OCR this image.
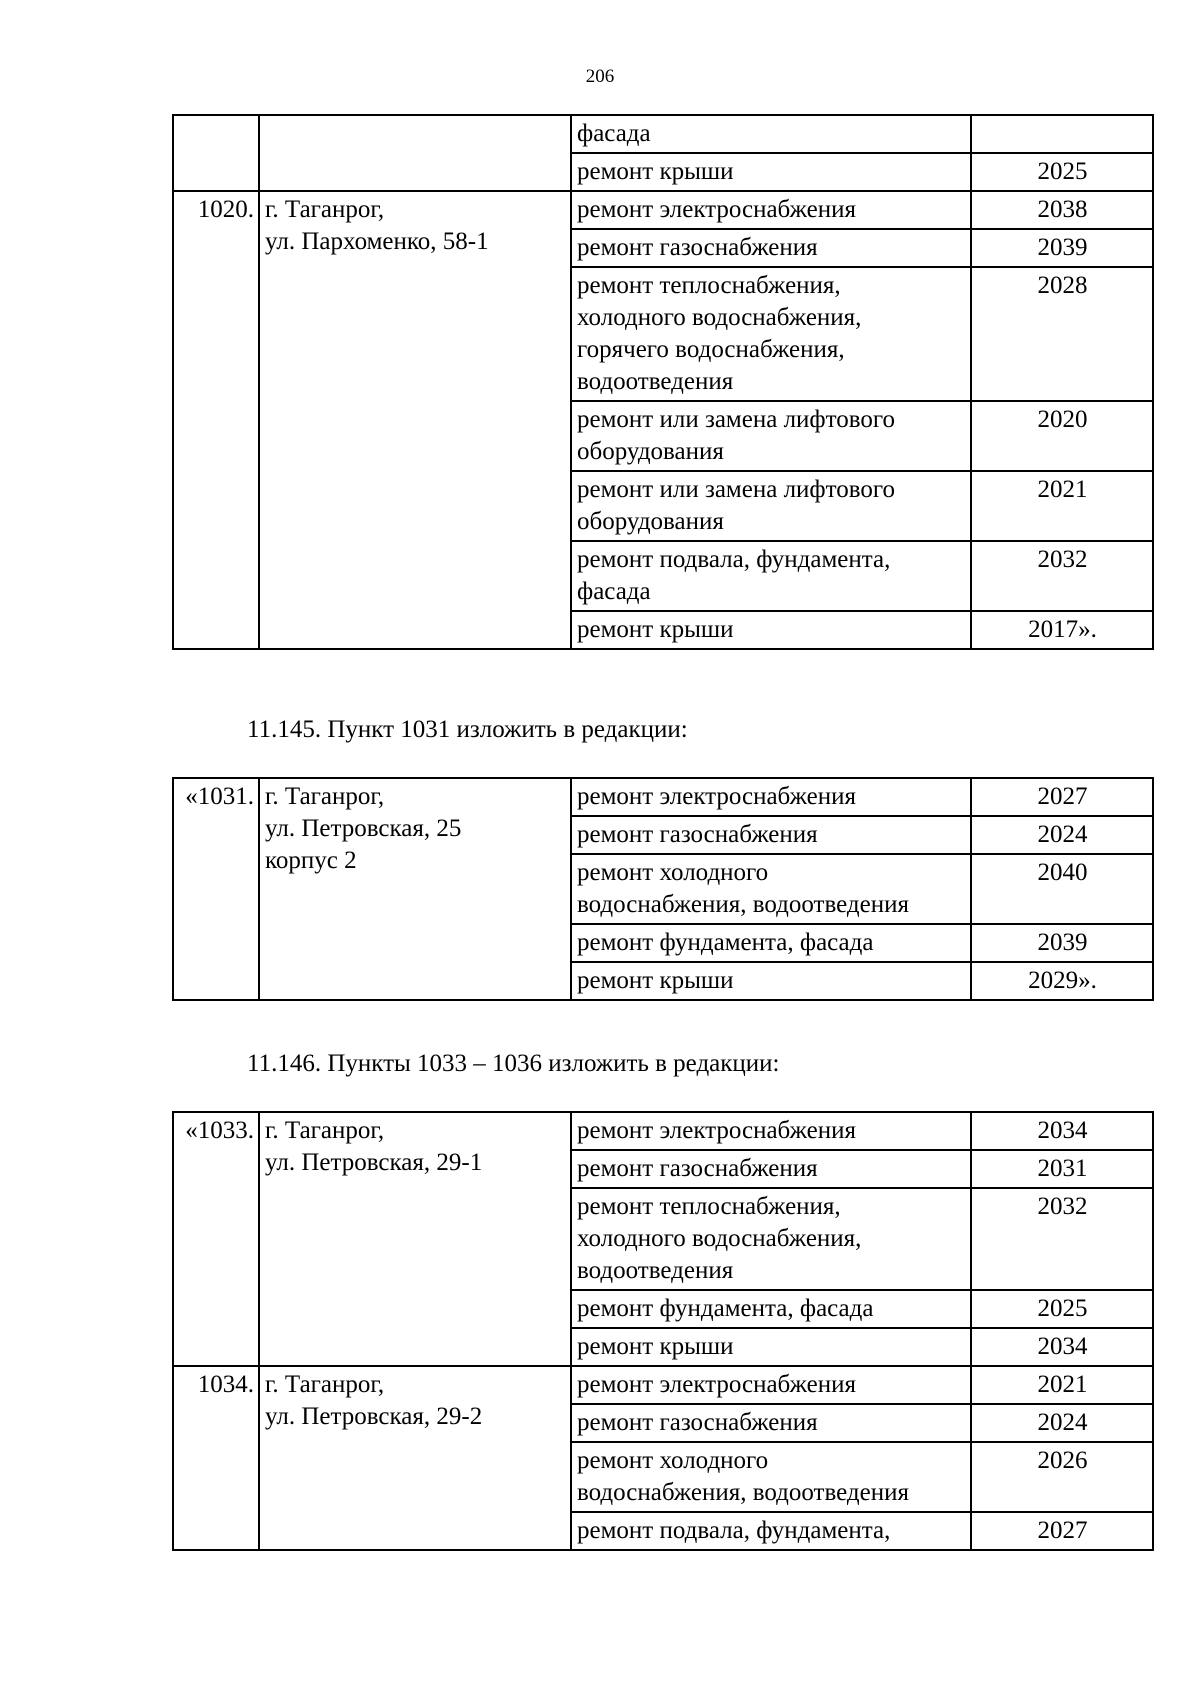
206
		фасада	
		ремонт крыши	2025
1020.	г. Таганрог,
ул. Пархоменко, 58-1	ремонт электроснабжения	2038
		ремонт газоснабжения	2039
		ремонт теплоснабжения,
холодного водоснабжения,
горячего водоснабжения,
водоотведения	2028
		ремонт или замена лифтового
оборудования	2020
		ремонт или замена лифтового
оборудования	2021
		ремонт подвала, фундамента,
фасада	2032
		ремонт крыши	2017».
11.145. Пункт 1031 изложить в редакции:
«1031.	г. Таганрог,
ул. Петровская, 25
корпус 2	ремонт электроснабжения	2027
		ремонт газоснабжения	2024
		ремонт холодного
водоснабжения, водоотведения	2040
		ремонт фундамента, фасада	2039
		ремонт крыши	2029».
11.146. Пункты 1033 – 1036 изложить в редакции:
«1033.	г. Таганрог,
ул. Петровская, 29-1	ремонт электроснабжения	2034
		ремонт газоснабжения	2031
		ремонт теплоснабжения,
холодного водоснабжения,
водоотведения	2032
		ремонт фундамента, фасада	2025
		ремонт крыши	2034
1034.	г. Таганрог,
ул. Петровская, 29-2	ремонт электроснабжения	2021
		ремонт газоснабжения	2024
		ремонт холодного
водоснабжения, водоотведения	2026
		ремонт подвала, фундамента,	2027
